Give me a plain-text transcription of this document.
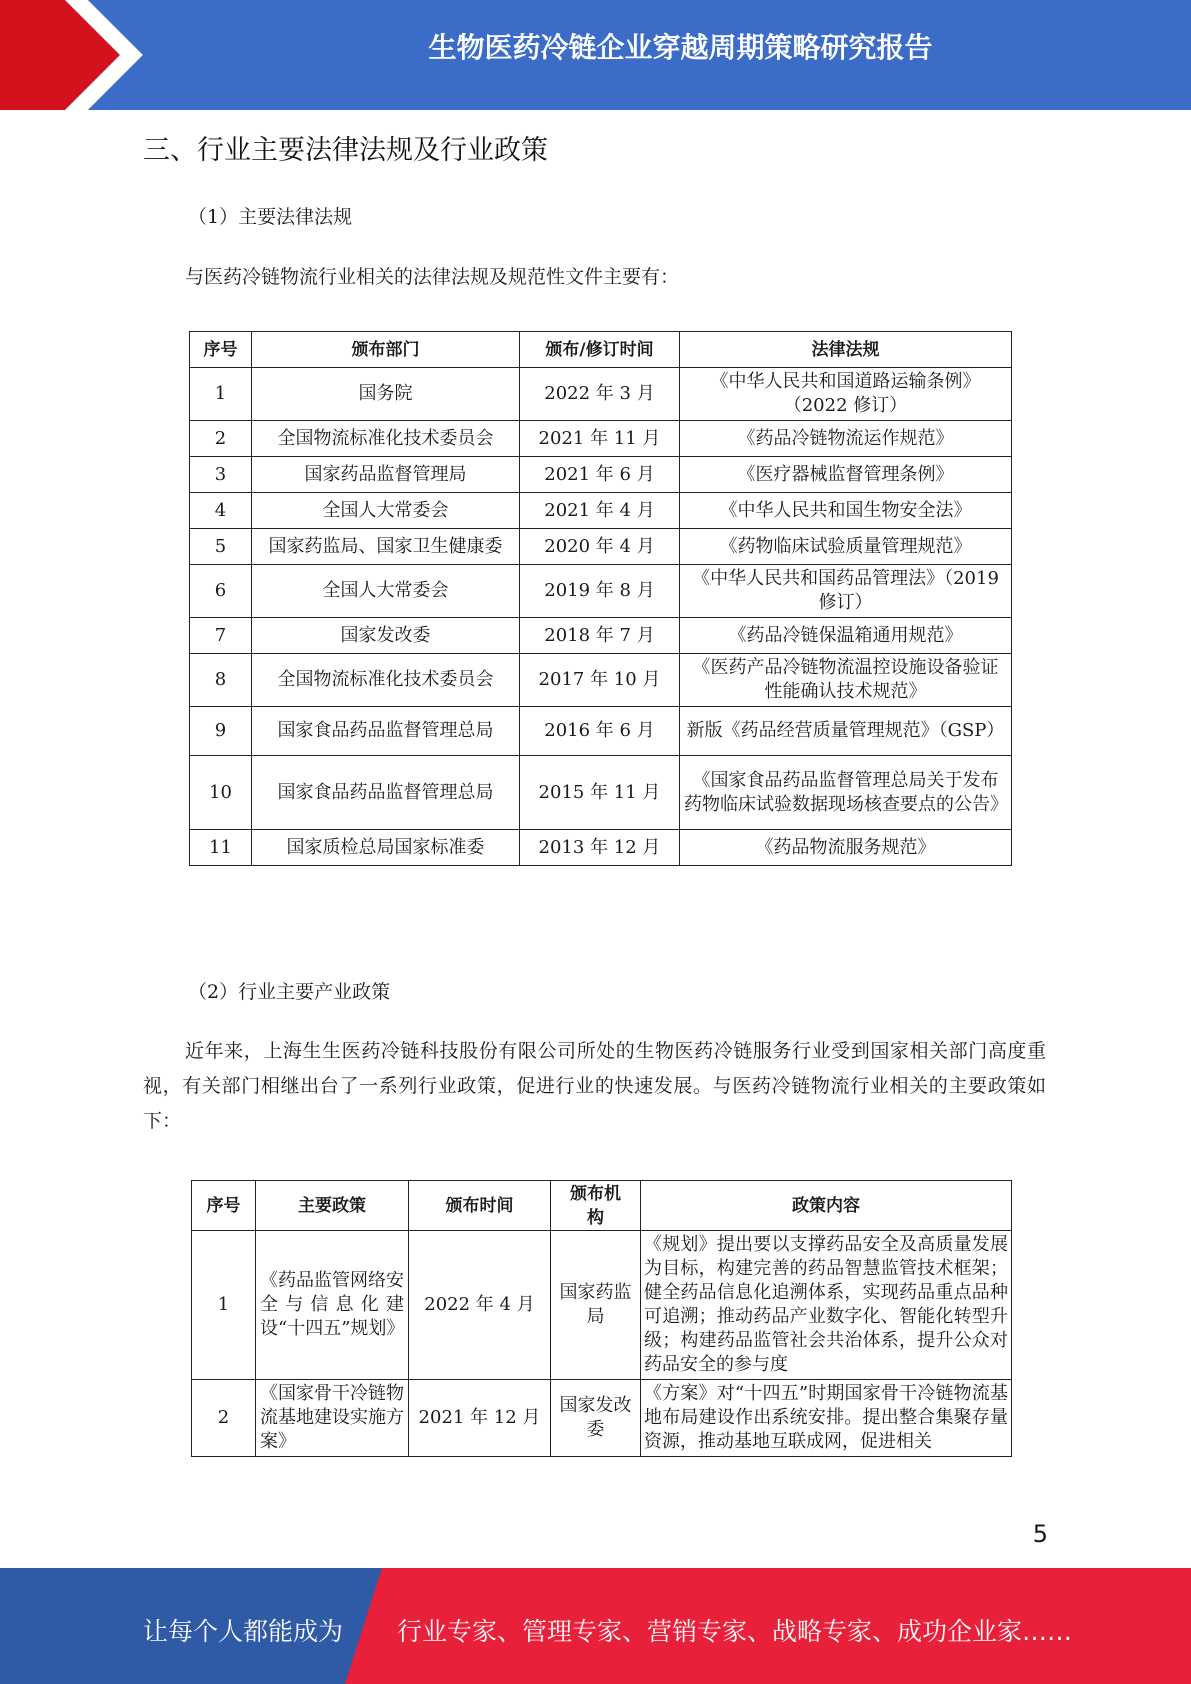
生物医药冷链企业穿越周期策略研究报告
三、行业主要法律法规及行业政策
（1）主要法律法规
与医药冷链物流行业相关的法律法规及规范性文件主要有：
序号	颁布部门	颁布/修订时间	法律法规
1	国务院	2022 年 3 月	《中华人民共和国道路运输条例》（2022 修订）
2	全国物流标准化技术委员会	2021 年 11 月	《药品冷链物流运作规范》
3	国家药品监督管理局	2021 年 6 月	《医疗器械监督管理条例》
4	全国人大常委会	2021 年 4 月	《中华人民共和国生物安全法》
5	国家药监局、国家卫生健康委	2020 年 4 月	《药物临床试验质量管理规范》
6	全国人大常委会	2019 年 8 月	《中华人民共和国药品管理法》（2019 修订）
7	国家发改委	2018 年 7 月	《药品冷链保温箱通用规范》
8	全国物流标准化技术委员会	2017 年 10 月	《医药产品冷链物流温控设施设备验证性能确认技术规范》
9	国家食品药品监督管理总局	2016 年 6 月	新版《药品经营质量管理规范》（GSP）
10	国家食品药品监督管理总局	2015 年 11 月	《国家食品药品监督管理总局关于发布药物临床试验数据现场核查要点的公告》
11	国家质检总局国家标准委	2013 年 12 月	《药品物流服务规范》
（2）行业主要产业政策
近年来，上海生生医药冷链科技股份有限公司所处的生物医药冷链服务行业受到国家相关部门高度重视，有关部门相继出台了一系列行业政策，促进行业的快速发展。与医药冷链物流行业相关的主要政策如下：
序号	主要政策	颁布时间	颁布机构	政策内容
1	《药品监管网络安全与信息化建设“十四五”规划》	2022 年 4 月	国家药监局	《规划》提出要以支撑药品安全及高质量发展为目标，构建完善的药品智慧监管技术框架；健全药品信息化追溯体系，实现药品重点品种可追溯；推动药品产业数字化、智能化转型升级；构建药品监管社会共治体系，提升公众对药品安全的参与度
2	《国家骨干冷链物流基地建设实施方案》	2021 年 12 月	国家发改委	《方案》对“十四五”时期国家骨干冷链物流基地布局建设作出系统安排。提出整合集聚存量资源，推动基地互联成网，促进相关
5
让每个人都能成为 行业专家、管理专家、营销专家、战略专家、成功企业家……
